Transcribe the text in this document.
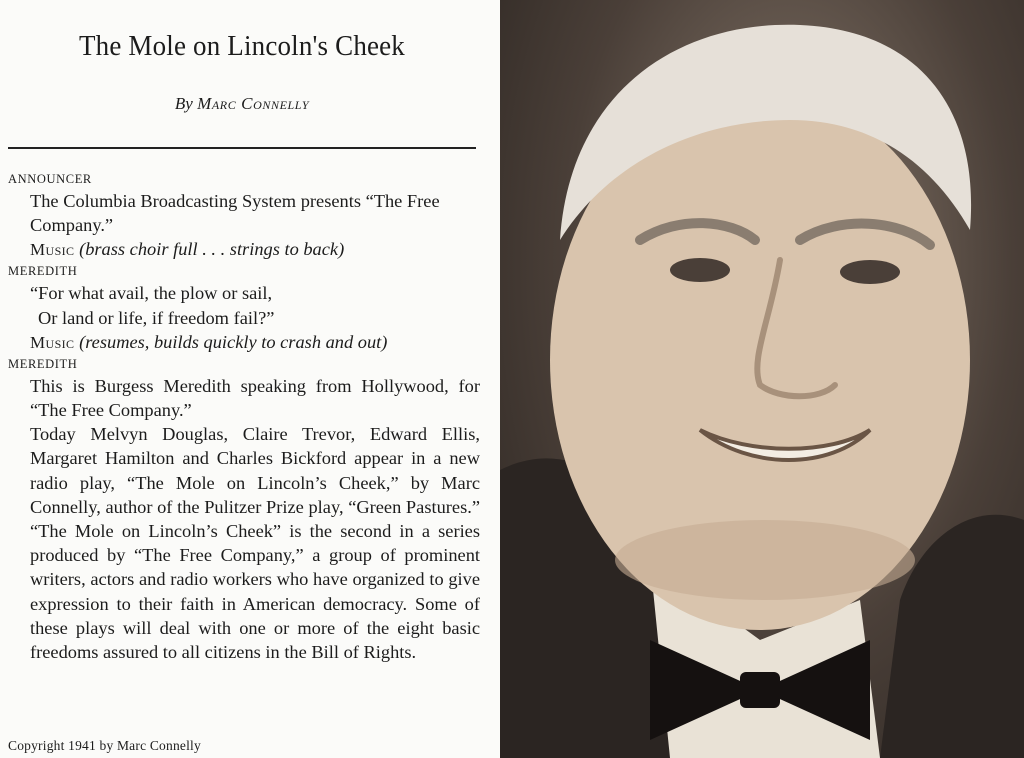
The Mole on Lincoln's Cheek
By Marc Connelly
ANNOUNCER
The Columbia Broadcasting System presents “The Free Company.”
Music (brass choir full . . . strings to back)
MEREDITH
“For what avail, the plow or sail,
Or land or life, if freedom fail?”
Music (resumes, builds quickly to crash and out)
MEREDITH
This is Burgess Meredith speaking from Hollywood, for “The Free Company.”
Today Melvyn Douglas, Claire Trevor, Edward Ellis, Margaret Hamilton and Charles Bickford appear in a new radio play, “The Mole on Lincoln’s Cheek,” by Marc Connelly, author of the Pulitzer Prize play, “Green Pastures.” “The Mole on Lincoln’s Cheek” is the second in a series produced by “The Free Company,” a group of prominent writers, actors and radio workers who have organized to give expression to their faith in American democracy. Some of these plays will deal with one or more of the eight basic freedoms assured to all citizens in the Bill of Rights.
Copyright 1941 by Marc Connelly
